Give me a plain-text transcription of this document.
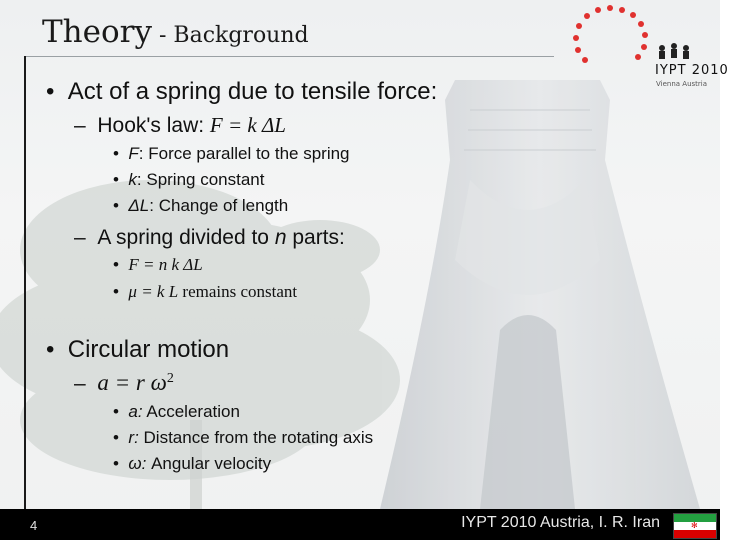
Theory - Background
IYPT 2010
Vienna Austria
• Act of a spring due to tensile force:
–  Hook's law: F = k ΔL
•  F: Force parallel to the spring
•  k: Spring constant
•  ΔL: Change of length
–  A spring divided to n parts:
•  F = n k ΔL
•  μ = k L remains constant
• Circular motion
–  a = r $\omega^2$
•  a: Acceleration
•  r: Distance from the rotating axis
•  ω: Angular velocity
4	IYPT 2010 Austria, I. R. Iran	✻
